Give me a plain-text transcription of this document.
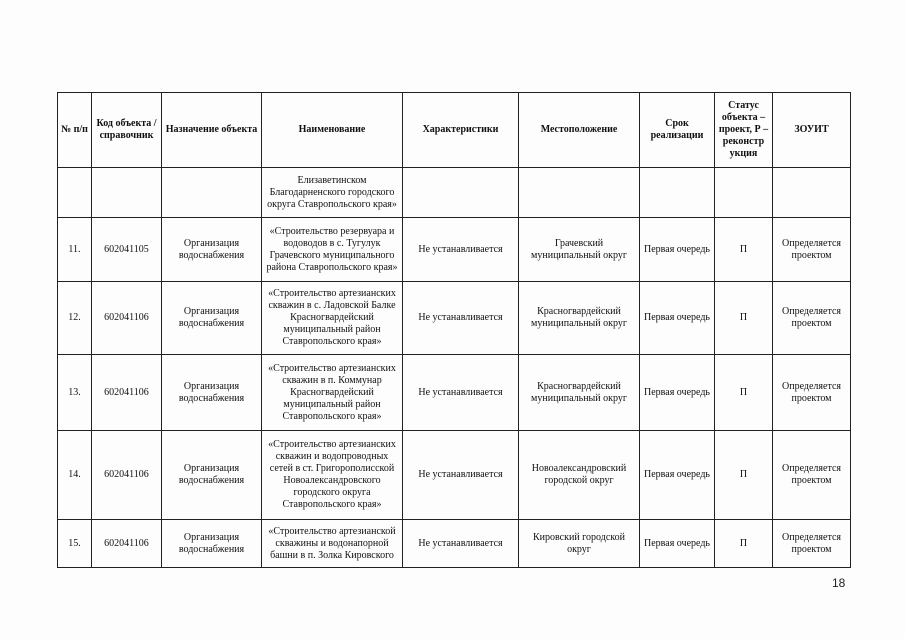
№ п/п	Код объекта / справочник	Назначение объекта	Наименование	Характеристики	Местоположение	Срок реализации	Статус объекта – проект, Р – реконстр укция	ЗОУИТ
			Елизаветинском Благодарненского городского округа Ставропольского края»					
11.	602041105	Организация водоснабжения	«Строительство резервуара и водоводов в с. Тугулук Грачевского муниципального района Ставропольского края»	Не устанавливается	Грачевский муниципальный округ	Первая очередь	П	Определяется проектом
12.	602041106	Организация водоснабжения	«Строительство артезианских скважин в с. Ладовской Балке Красногвардейский муниципальный район Ставропольского края»	Не устанавливается	Красногвардейский муниципальный округ	Первая очередь	П	Определяется проектом
13.	602041106	Организация водоснабжения	«Строительство артезианских скважин в п. Коммунар Красногвардейский муниципальный район Ставропольского края»	Не устанавливается	Красногвардейский муниципальный округ	Первая очередь	П	Определяется проектом
14.	602041106	Организация водоснабжения	«Строительство артезианских скважин и водопроводных сетей в ст. Григорополисской Новоалександровского городского округа Ставропольского края»	Не устанавливается	Новоалександровский городской округ	Первая очередь	П	Определяется проектом
15.	602041106	Организация водоснабжения	«Строительство артезианской скважины и водонапорной башни в п. Золка Кировского	Не устанавливается	Кировский городской округ	Первая очередь	П	Определяется проектом
18
